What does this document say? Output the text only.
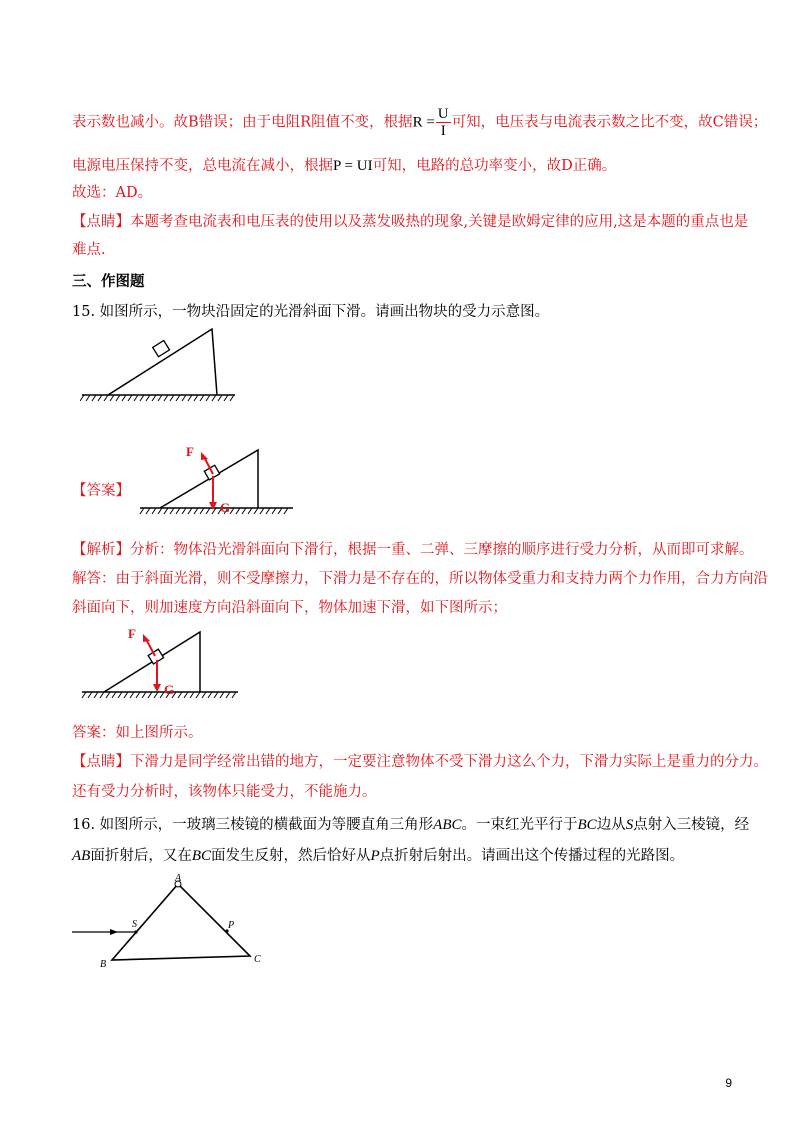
表示数也减小。故B错误；由于电阻R阻值不变，根据$R = \frac{U}{I}$ 可知，电压表与电流表示数之比不变，故C错误；
电源电压保持不变，总电流在减小，根据P = UI可知，电路的总功率变小，故D正确。
故选：AD。
【点睛】本题考查电流表和电压表的使用以及蒸发吸热的现象,关键是欧姆定律的应用,这是本题的重点也是
难点.
三、作图题
15. 如图所示，一物块沿固定的光滑斜面下滑。请画出物块的受力示意图。
【答案】
F
G
【解析】分析：物体沿光滑斜面向下滑行，根据一重、二弹、三摩擦的顺序进行受力分析，从而即可求解。
解答：由于斜面光滑，则不受摩擦力，下滑力是不存在的，所以物体受重力和支持力两个力作用，合力方向沿
斜面向下，则加速度方向沿斜面向下，物体加速下滑，如下图所示；
F
G
答案：如上图所示。
【点睛】下滑力是同学经常出错的地方，一定要注意物体不受下滑力这么个力，下滑力实际上是重力的分力。
还有受力分析时，该物体只能受力，不能施力。
16. 如图所示，一玻璃三棱镜的横截面为等腰直角三角形ABC。一束红光平行于BC边从S点射入三棱镜，经
AB面折射后，又在BC面发生反射，然后恰好从P点折射后射出。请画出这个传播过程的光路图。
A
B	C
S	P
9
